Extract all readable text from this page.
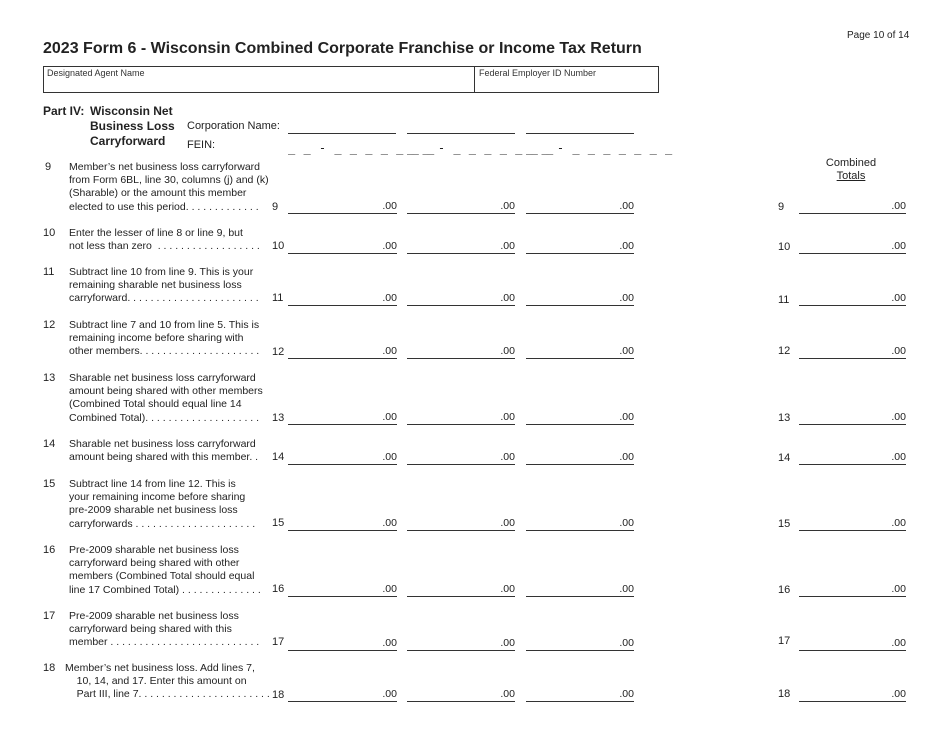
Page 10 of 14
2023 Form 6 - Wisconsin Combined Corporate Franchise or Income Tax Return
Designated Agent Name	Federal Employer ID Number
Part IV: Wisconsin Net
Business Loss
Carryforward
Corporation Name:
FEIN:	_ _ - _ _ _ _ _ _ _
_ _ - _ _ _ _ _ _ _
_ _ - _ _ _ _ _ _ _
Combined
Totals
9 Member’s net business loss carryforward
from Form 6BL, line 30, columns (j) and (k)
(Sharable) or the amount this member
elected to use this period. . . . . . . . . . . . .	9	.00	.00	.00	9	.00
10 Enter the lesser of line 8 or line 9, but
not less than zero  . . . . . . . . . . . . . . . . . .	10	.00	.00	.00	10	.00
11 Subtract line 10 from line 9. This is your
remaining sharable net business loss
carryforward. . . . . . . . . . . . . . . . . . . . . . .	11	.00	.00	.00	11	.00
12 Subtract line 7 and 10 from line 5. This is
remaining income before sharing with
other members. . . . . . . . . . . . . . . . . . . . .	12	.00	.00	.00	12	.00
13 Sharable net business loss carryforward
amount being shared with other members
(Combined Total should equal line 14
Combined Total). . . . . . . . . . . . . . . . . . . .	13	.00	.00	.00	13	.00
14 Sharable net business loss carryforward
amount being shared with this member. .	14	.00	.00	.00	14	.00
15 Subtract line 14 from line 12. This is
your remaining income before sharing
pre-2009 sharable net business loss
carryforwards . . . . . . . . . . . . . . . . . . . . .	15	.00	.00	.00	15	.00
16 Pre-2009 sharable net business loss
carryforward being shared with other
members (Combined Total should equal
line 17 Combined Total) . . . . . . . . . . . . . .	16	.00	.00	.00	16	.00
17 Pre-2009 sharable net business loss
carryforward being shared with this
member . . . . . . . . . . . . . . . . . . . . . . . . . .	17	.00	.00	.00	17	.00
18 Member’s net business loss. Add lines 7,
10, 14, and 17. Enter this amount on
Part III, line 7. . . . . . . . . . . . . . . . . . . . . . . 18	.00	.00	.00	18	.00
